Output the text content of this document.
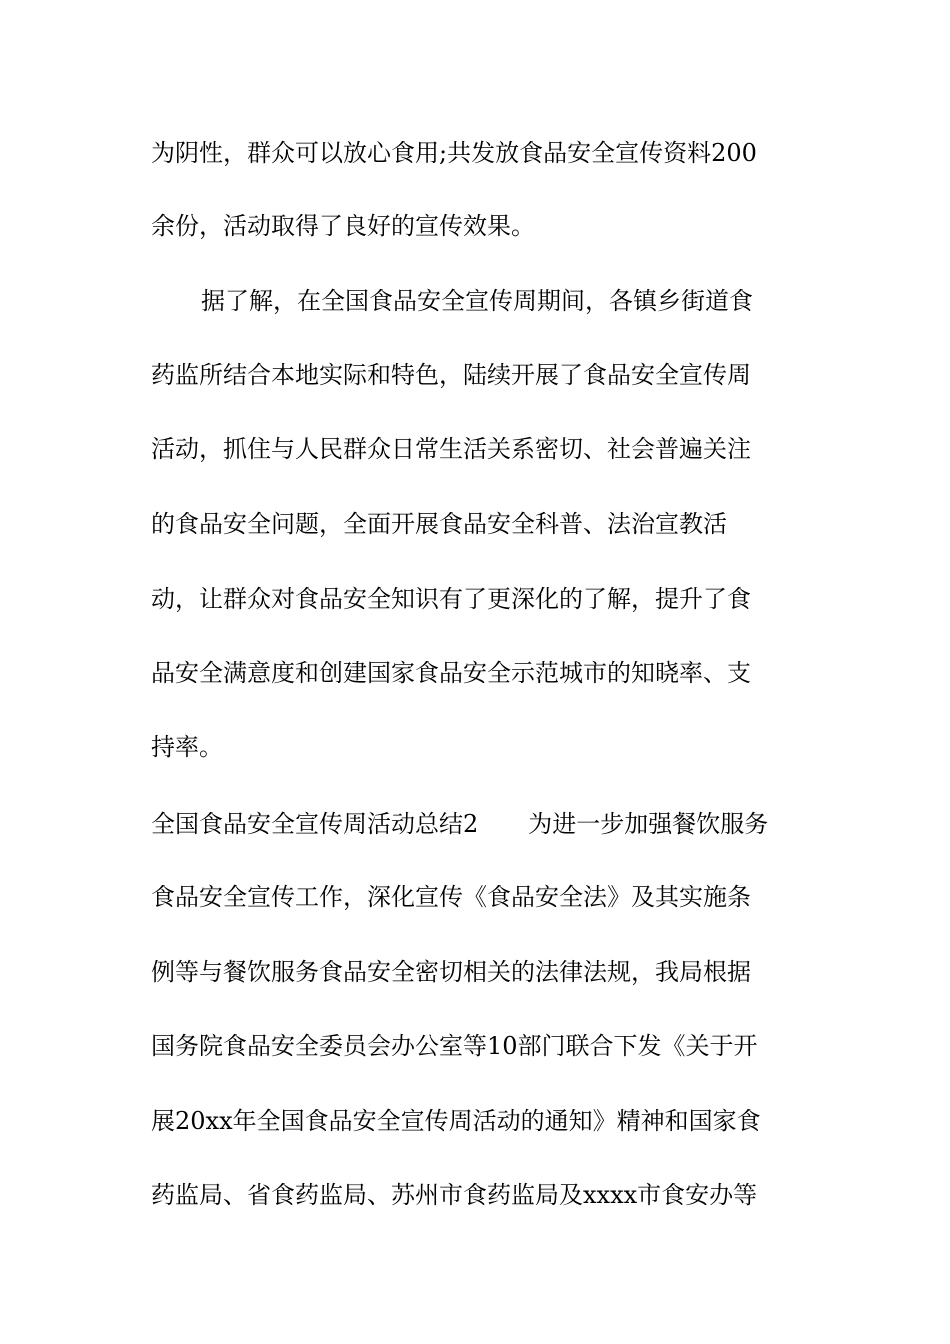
为阴性，群众可以放心食用;共发放食品安全宣传资料200
余份，活动取得了良好的宣传效果。
据了解，在全国食品安全宣传周期间，各镇乡街道食
药监所结合本地实际和特色，陆续开展了食品安全宣传周
活动，抓住与人民群众日常生活关系密切、社会普遍关注
的食品安全问题，全面开展食品安全科普、法治宣教活
动，让群众对食品安全知识有了更深化的了解，提升了食
品安全满意度和创建国家食品安全示范城市的知晓率、支
持率。
全国食品安全宣传周活动总结2 为进一步加强餐饮服务
食品安全宣传工作，深化宣传《食品安全法》及其实施条
例等与餐饮服务食品安全密切相关的法律法规，我局根据
国务院食品安全委员会办公室等10部门联合下发《关于开
展20xx年全国食品安全宣传周活动的通知》精神和国家食
药监局、省食药监局、苏州市食药监局及xxxx市食安办等
